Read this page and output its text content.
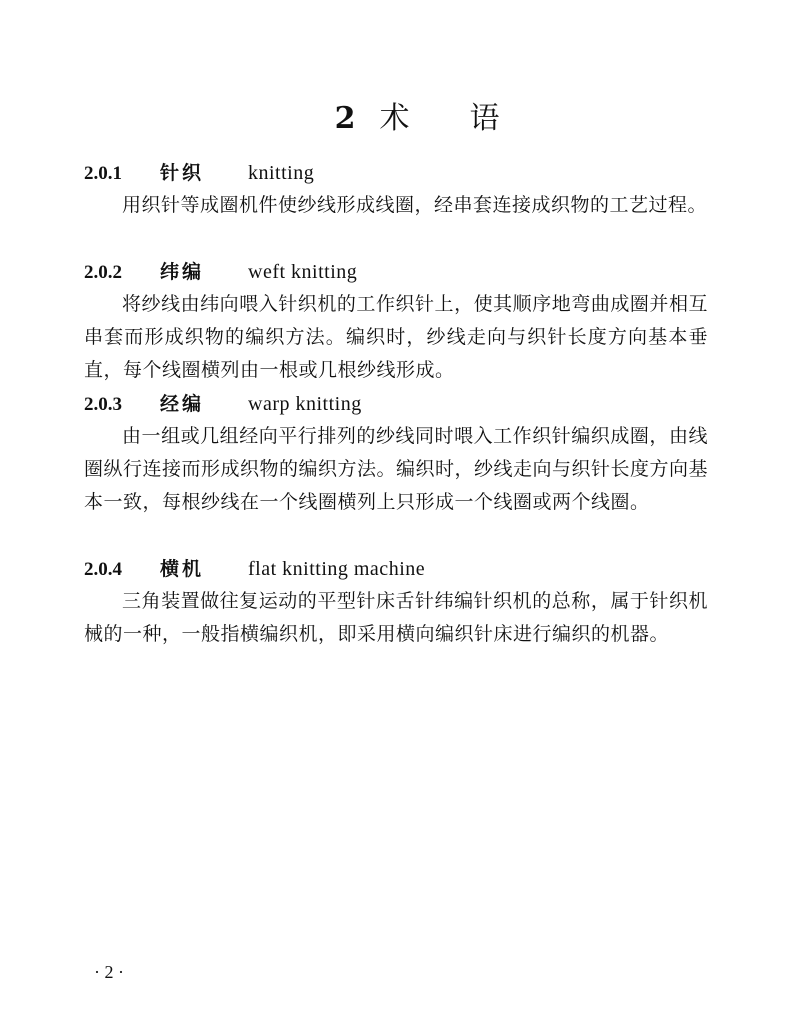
2 术 语

2.0.1 针织 knitting

用织针等成圈机件使纱线形成线圈，经串套连接成织物的工艺过程。

2.0.2 纬编 weft knitting

将纱线由纬向喂入针织机的工作织针上，使其顺序地弯曲成圈并相互串套而形成织物的编织方法。编织时，纱线走向与织针长度方向基本垂直，每个线圈横列由一根或几根纱线形成。

2.0.3 经编 warp knitting

由一组或几组经向平行排列的纱线同时喂入工作织针编织成圈，由线圈纵行连接而形成织物的编织方法。编织时，纱线走向与织针长度方向基本一致，每根纱线在一个线圈横列上只形成一个线圈或两个线圈。

2.0.4 横机 flat knitting machine

三角装置做往复运动的平型针床舌针纬编针织机的总称，属于针织机械的一种，一般指横编织机，即采用横向编织针床进行编织的机器。

· 2 ·
